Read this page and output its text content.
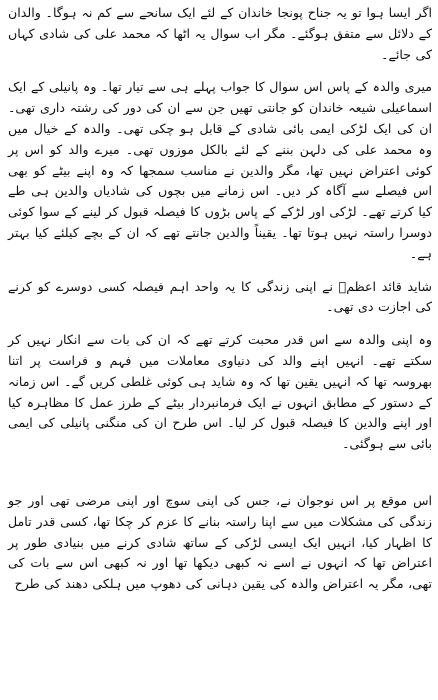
اگر ایسا ہوا تو یہ جناح پونجا خاندان کے لئے ایک سانحے سے کم نہ ہوگا۔ والدان کے دلائل سے متفق ہوگئے۔ مگر اب سوال یہ اٹھا کہ محمد علی کی شادی کہاں کی جائے۔

میری والدہ کے پاس اس سوال کا جواب پہلے ہی سے تیار تھا۔ وہ پانیلی کے ایک اسماعیلی شیعہ خاندان کو جانتی تھیں جن سے ان کی دور کی رشتہ داری تھی۔ ان کی ایک لڑکی ایمی بائی شادی کے قابل ہو چکی تھی۔ والدہ کے خیال میں وہ محمد علی کی دلہن بننے کے لئے بالکل موزوں تھی۔ میرے والد کو اس پر کوئی اعتراض نہیں تھا، مگر والدین نے مناسب سمجھا کہ وہ اپنے بیٹے کو بھی اس فیصلے سے آگاہ کر دیں۔ اس زمانے میں بچوں کی شادیاں والدین ہی طے کیا کرتے تھے۔ لڑکی اور لڑکے کے پاس بڑوں کا فیصلہ قبول کر لینے کے سوا کوئی دوسرا راستہ نہیں ہوتا تھا۔ یقیناً والدین جانتے تھے کہ ان کے بچے کیلئے کیا بہتر ہے۔

شاید قائد اعظمؒ نے اپنی زندگی کا یہ واحد اہم فیصلہ کسی دوسرے کو کرنے کی اجازت دی تھی۔

وہ اپنی والدہ سے اس قدر محبت کرتے تھے کہ ان کی بات سے انکار نہیں کر سکتے تھے۔ انہیں اپنے والد کی دنیاوی معاملات میں فہم و فراست پر اتنا بھروسہ تھا کہ انہیں یقین تھا کہ وہ شاید ہی کوئی غلطی کریں گے۔ اس زمانہ کے دستور کے مطابق انہوں نے ایک فرمانبردار بیٹے کے طرز عمل کا مظاہرہ کیا اور اپنے والدین کا فیصلہ قبول کر لیا۔ اس طرح ان کی منگنی پانیلی کی ایمی بائی سے ہوگئی۔

اس موقع پر اس نوجوان نے، جس کی اپنی سوچ اور اپنی مرضی تھی اور جو زندگی کی مشکلات میں سے اپنا راستہ بنانے کا عزم کر چکا تھا، کسی قدر تامل کا اظہار کیا، انہیں ایک ایسی لڑکی کے ساتھ شادی کرنے میں بنیادی طور پر اعتراض تھا کہ انہوں نے اسے نہ کبھی دیکھا تھا اور نہ کبھی اس سے بات کی تھی، مگر یہ اعتراض والدہ کی یقین دہانی کی دھوپ میں ہلکی دھند کی طرح
